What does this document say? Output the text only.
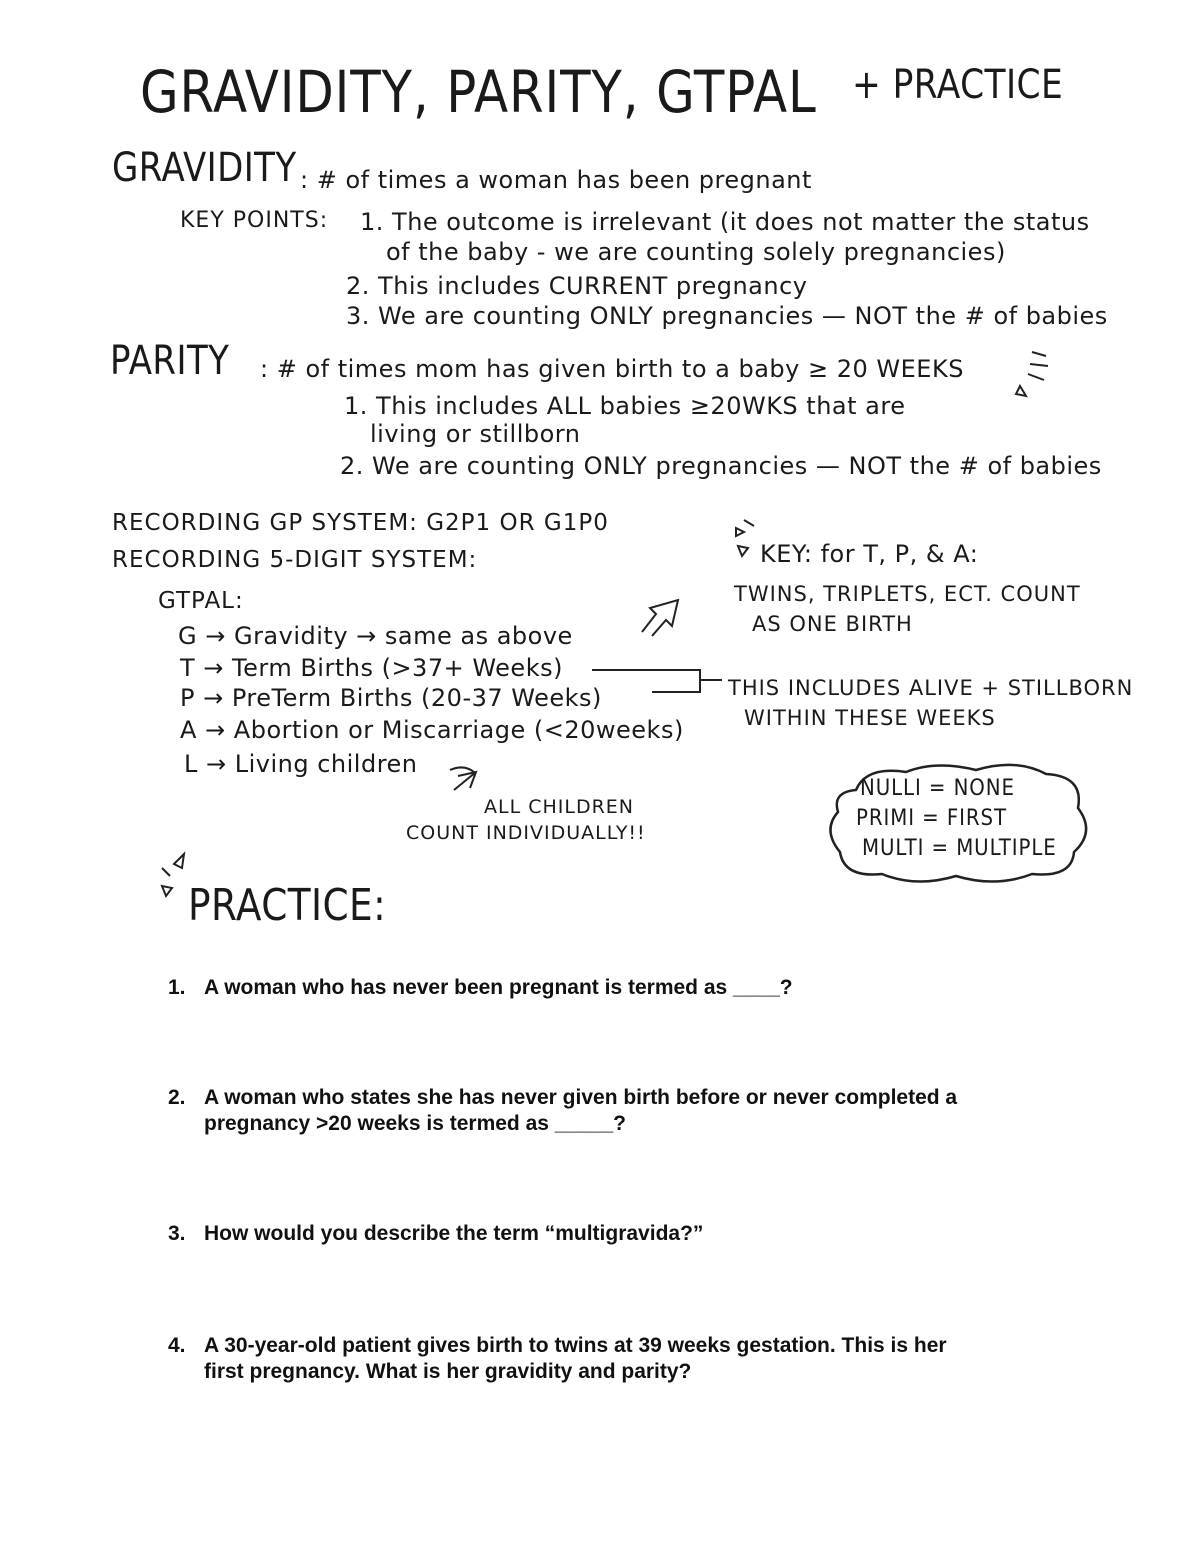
GRAVIDITY, PARITY, GTPAL + PRACTICE
GRAVIDITY : # of times a woman has been pregnant
KEY POINTS: 1. The outcome is irrelevant (it does not matter the status
of the baby - we are counting solely pregnancies)
2. This includes CURRENT pregnancy
3. We are counting ONLY pregnancies — NOT the # of babies
PARITY : # of times mom has given birth to a baby ≥ 20 WEEKS
1. This includes ALL babies ≥20WKS that are
living or stillborn
2. We are counting ONLY pregnancies — NOT the # of babies
RECORDING GP SYSTEM: G2P1 OR G1P0
RECORDING 5-DIGIT SYSTEM:
GTPAL:
G → Gravidity → same as above
T → Term Births (>37+ Weeks)
P → PreTerm Births (20-37 Weeks)
A → Abortion or Miscarriage (<20weeks)
L → Living children
ALL CHILDREN
COUNT INDIVIDUALLY!!
KEY: for T, P, & A:
TWINS, TRIPLETS, ECT. COUNT
AS ONE BIRTH
THIS INCLUDES ALIVE + STILLBORN
WITHIN THESE WEEKS
NULLI = NONE
PRIMI = FIRST
MULTI = MULTIPLE
PRACTICE:
1. A woman who has never been pregnant is termed as ____?
2. A woman who states she has never given birth before or never completed a
pregnancy >20 weeks is termed as _____?
3. How would you describe the term “multigravida?”
4. A 30-year-old patient gives birth to twins at 39 weeks gestation. This is her
first pregnancy. What is her gravidity and parity?
